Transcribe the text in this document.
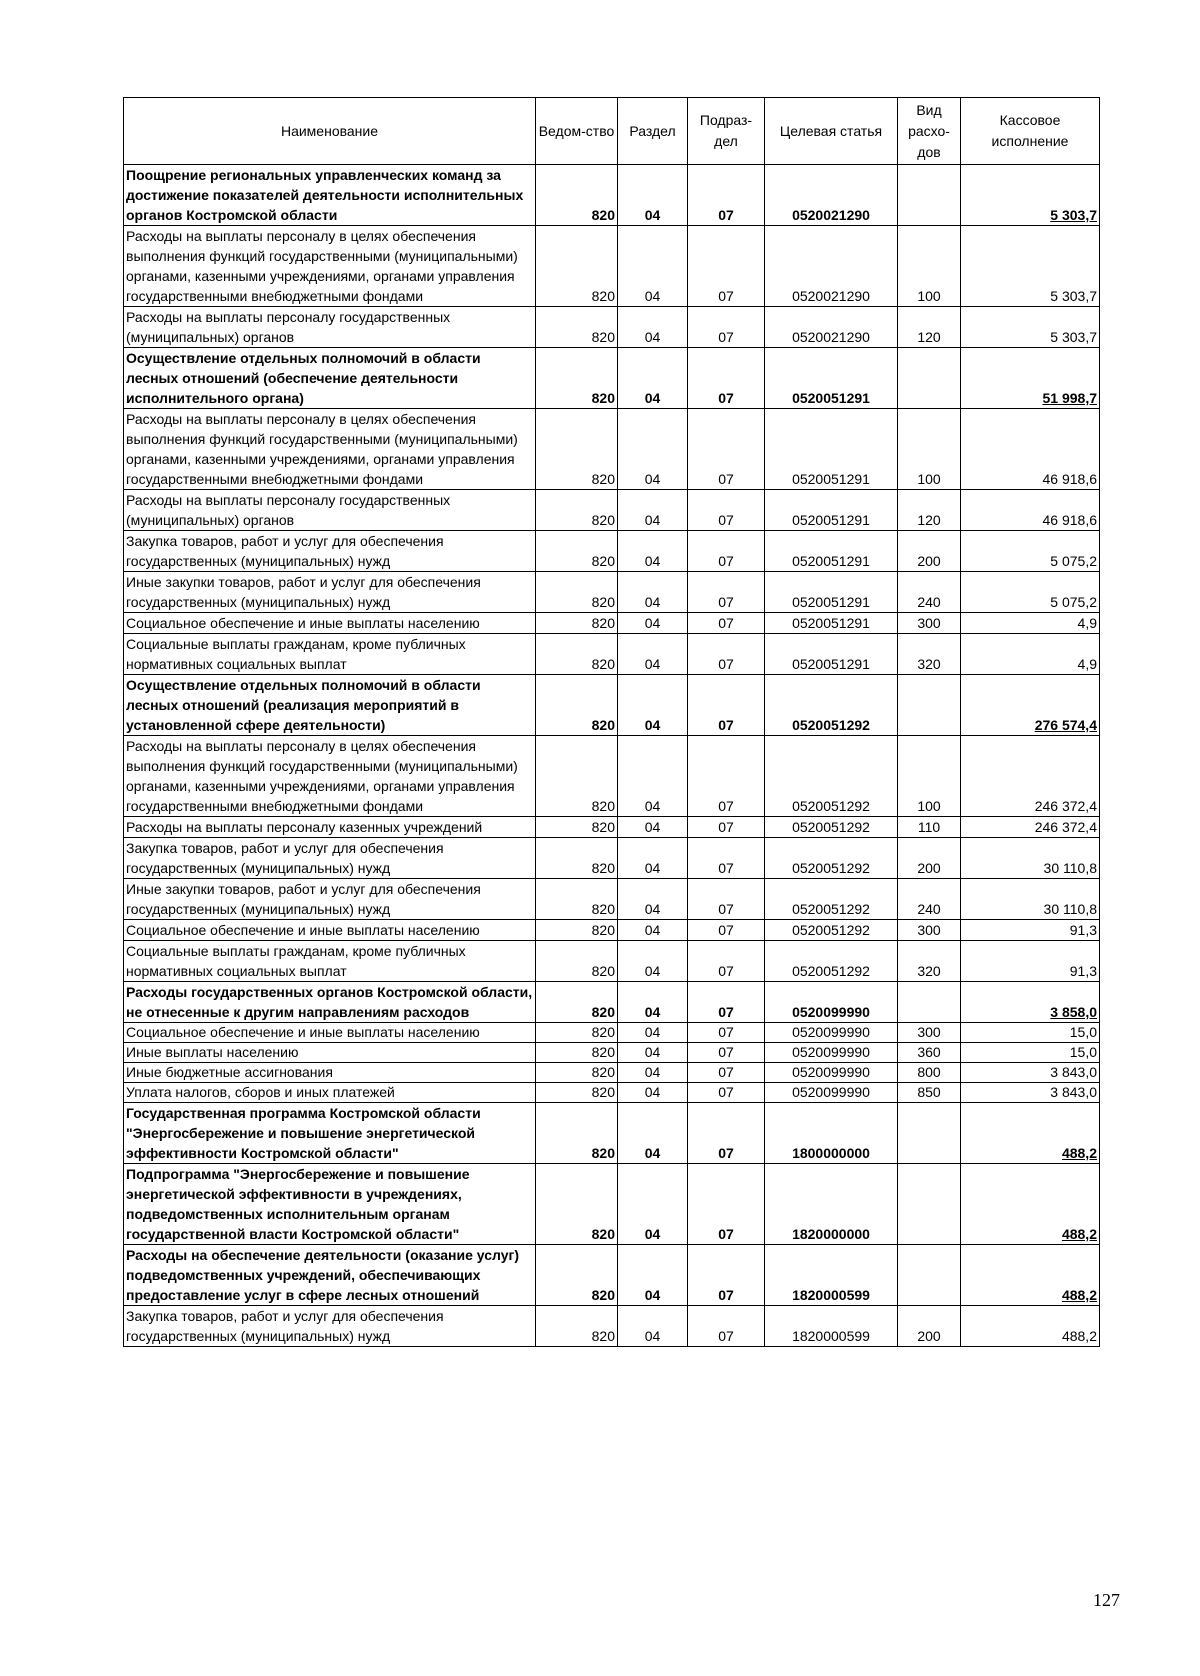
Наименование	Ведом-ство	Раздел	Подраз-дел	Целевая статья	Вид расхо-дов	Кассовое исполнение
Поощрение региональных управленческих команд за достижение показателей деятельности исполнительных органов Костромской области	820	04	07	0520021290		5 303,7
Расходы на выплаты персоналу в целях обеспечения выполнения функций государственными (муниципальными) органами, казенными учреждениями, органами управления государственными внебюджетными фондами	820	04	07	0520021290	100	5 303,7
Расходы на выплаты персоналу государственных (муниципальных) органов	820	04	07	0520021290	120	5 303,7
Осуществление отдельных полномочий в области лесных отношений (обеспечение деятельности исполнительного органа)	820	04	07	0520051291		51 998,7
Расходы на выплаты персоналу в целях обеспечения выполнения функций государственными (муниципальными) органами, казенными учреждениями, органами управления государственными внебюджетными фондами	820	04	07	0520051291	100	46 918,6
Расходы на выплаты персоналу государственных (муниципальных) органов	820	04	07	0520051291	120	46 918,6
Закупка товаров, работ и услуг для обеспечения государственных (муниципальных) нужд	820	04	07	0520051291	200	5 075,2
Иные закупки товаров, работ и услуг для обеспечения государственных (муниципальных) нужд	820	04	07	0520051291	240	5 075,2
Социальное обеспечение и иные выплаты населению	820	04	07	0520051291	300	4,9
Социальные выплаты гражданам, кроме публичных нормативных социальных выплат	820	04	07	0520051291	320	4,9
Осуществление отдельных полномочий в области лесных отношений (реализация мероприятий в установленной сфере деятельности)	820	04	07	0520051292		276 574,4
Расходы на выплаты персоналу в целях обеспечения выполнения функций государственными (муниципальными) органами, казенными учреждениями, органами управления государственными внебюджетными фондами	820	04	07	0520051292	100	246 372,4
Расходы на выплаты персоналу казенных учреждений	820	04	07	0520051292	110	246 372,4
Закупка товаров, работ и услуг для обеспечения государственных (муниципальных) нужд	820	04	07	0520051292	200	30 110,8
Иные закупки товаров, работ и услуг для обеспечения государственных (муниципальных) нужд	820	04	07	0520051292	240	30 110,8
Социальное обеспечение и иные выплаты населению	820	04	07	0520051292	300	91,3
Социальные выплаты гражданам, кроме публичных нормативных социальных выплат	820	04	07	0520051292	320	91,3
Расходы государственных органов Костромской области, не отнесенные к другим направлениям расходов	820	04	07	0520099990		3 858,0
Социальное обеспечение и иные выплаты населению	820	04	07	0520099990	300	15,0
Иные выплаты населению	820	04	07	0520099990	360	15,0
Иные бюджетные ассигнования	820	04	07	0520099990	800	3 843,0
Уплата налогов, сборов и иных платежей	820	04	07	0520099990	850	3 843,0
Государственная программа Костромской области "Энергосбережение и повышение энергетической эффективности Костромской области"	820	04	07	1800000000		488,2
Подпрограмма "Энергосбережение и повышение энергетической эффективности в учреждениях, подведомственных исполнительным органам государственной власти Костромской области"	820	04	07	1820000000		488,2
Расходы на обеспечение деятельности (оказание услуг) подведомственных учреждений, обеспечивающих предоставление услуг в сфере лесных отношений	820	04	07	1820000599		488,2
Закупка товаров, работ и услуг для обеспечения государственных (муниципальных) нужд	820	04	07	1820000599	200	488,2
127
